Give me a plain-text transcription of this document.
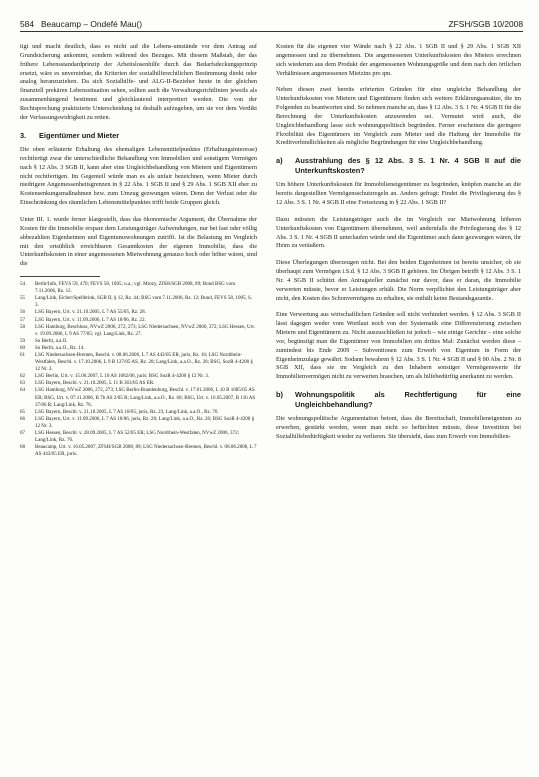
584 Beaucamp – Ondefé Mau()	ZFSH/SGB 10/2008

tigt und macht deutlich, dass es nicht auf die Lebens-umstände vor dem Antrag auf Grundsicherung ankommt, sondern während des Bezuges. Mit diesem Maßstab, der das frühere Lebensstandardprinzip der Arbeitslosenhilfe durch das Bedarfsdeckungsprinzip ersetzt, wäre es unvereinbar, die Kriterien der sozialhilferechtlichen Bestimmung direkt oder analog heranzuziehen. Da sich Sozialhilfe- und ALG-II-Bezieher heute in der gleichen finanziell prekären Lebenssituation sehen, sollten auch die Verwaltungsrichtlinien jeweils als zusammenhängend bestimmt und gleichlautend interpretiert werden. Die von der Rechtsprechung praktizierte Unterscheidung ist deshalb aufzugeben, um sie vor dem Verdikt der Verfassungswidrigkeit zu retten.

3. Eigentümer und Mieter

Die oben erläuterte Erhaltung des ehemaligen Lebensmittelpunktes (Erhaltungsinteresse) rechtfertigt zwar die unterschiedliche Behandlung von Immobilien und sonstigem Vermögen nach § 12 Abs. 3 SGB II, kann aber eine Ungleichbehandlung von Mietern und Eigentümern nicht rechtfertigen. Im Gegenteil würde man es als unfair bezeichnen, wenn Mieter durch niedrigere Angemessenheitsgrenzen in § 22 Abs. 1 SGB II und § 29 Abs. 1 SGB XII eher zu Kostensenkungsmaßnahmen bzw. zum Umzug gezwungen wären. Denn der Verlust oder die Einschränkung des räumlichen Lebensmittelpunktes trifft beide Gruppen gleich.

Unter III. 1. wurde ferner klargestellt, dass das ökonomische Argument, die Übernahme der Kosten für die Immobilie erspare dem Leistungsträger Aufwendungen, nur bei fast oder völlig abbezahlten Eigenheimen und Eigentumswohnungen zutrifft. Ist die Belastung im Vergleich mit den ortsüblich erreichbaren Gesamtkosten der eigenen Immobilie, dass die Unterkunftskosten in einer angemessenen Mietwohnung genauso hoch oder höher wären, sind die

54	Berlit/Info, FEVS 59, 470; FEVS 58, 1005; u.a.; vgl. Mrozy, ZfSH/SGB 2008, 89; Bund BSG vom 7.11.2006, Rz. 12.
55	Lang/Link, Eicher/Spellbrink, SGB II, § 12, Rz. 44; BSG vom 7.11.2006, Rz. 12; Bund, FEVS 58, 1005, S. 3.
56	LSG Bayern, Urt. v. 21.10.2005, L 7 AS 55/05, Rz. 28.
57	LSG Bayern, Urt. v. 11.09.2006, L 7 AS 18/06, Rz. 22.
58	LSG Hamburg, Beschluss, NVwZ 2006, 272, 273; LSG Niedersachsen, NVwZ 2006, 372; LSG Hessen, Urt. v. 19.09.2006, L 9 AS 77/05; vgl. Lang/Link, Rz. 27.
59	So Berlit, a.a.O.
60	So Berlit, a.a.O., Rz. 14.
61	LSG Niedersachsen-Bremen, Beschl. v. 08.06.2006, L 7 AS 443/05 ER, juris, Rz. 16; LSG Nordrhein-Westfalen, Beschl. v. 17.10.2006, L 9 B 127/05 AS, Rz. 28; Lang/Link, a.a.O., Rz. 28; BSG, SozR 4-4200 § 12 Nr. 3.
62	LSG Berlin, Urt. v. 15.06.2007, L 10 AS 1082/06, juris; BSG SozR 4-4200 § 12 Nr. 3.
63	LSG Bayern, Beschl. v. 21.10.2005, L 11 B 363/05 AS ER.
64	LSG Hamburg, NVwZ 2006, 272, 273; LSG Berlin-Brandenburg, Beschl. v. 17.01.2006, L 10 B 1085/05 AS ER; BSG, Urt. v. 07.11.2006, B 7b AS 2/05 R; Lang/Link, a.a.O., Rz. 60; BSG, Urt. v. 16.05.2007, B 11b AS 37/06 R; Lang/Link, Rz. 76.
65	LSG Bayern, Beschl. v. 21.10.2005, L 7 AS 18/05, juris, Rz. 23; Lang/Link, a.a.O., Rz. 76.
66	LSG Bayern, Urt. v. 11.09.2006, L 7 AS 18/06, juris, Rz. 28; Lang/Link, a.a.O., Rz. 26; BSG SozR 4-4200 § 12 Nr. 3.
67	LSG Hessen, Beschl. v. 28.09.2005, L 7 AS 52/05 ER; LSG Nordrhein-Westfalen, NVwZ 2006, 372; Lang/Link, Rz. 76.
68	Beaucamp, Urt. v. 16.05.2007, ZFSH/SGB 2008, 89; LSG Niedersachsen-Bremen, Beschl. v. 08.06.2006, L 7 AS 443/05 ER, juris.

Kosten für die eigenen vier Wände nach § 22 Abs. 1 SGB II und § 29 Abs. 1 SGB XII angemessen und zu übernehmen. Die angemessenen Unterkunftskosten des Mieters errechnen sich wiederum aus dem Produkt der angemessenen Wohnungsgröße und dem nach den örtlichen Verhältnissen angemessenen Mietzins pro qm.

Neben diesen zwei bereits erörterten Gründen für eine ungleiche Behandlung der Unterkunftskosten von Mietern und Eigentümern finden sich weitere Erklärungsansätze, die im Folgenden zu beantworten sind. So nehmen manche an, dass § 12 Abs. 3 S. 1 Nr. 4 SGB II für die Berechnung der Unterkunftskosten anzuwenden sei. Vermutet wird auch, die Ungleichbehandlung lasse sich wohnungspolitisch begründen. Ferner erscheinen die geringere Flexibilität des Eigentümers im Vergleich zum Mieter und die Haftung der Immobilie für Kreditverbindlichkeiten als mögliche Begründungen für eine Ungleichbehandlung.

a)	Ausstrahlung des § 12 Abs. 3 S. 1 Nr. 4 SGB II auf die Unterkunftskosten?

Um höhere Unterkunftskosten für Immobilieneigentümer zu begründen, knüpfen manche an die bereits dargestellten Vermögensschutzregeln an. Anders gefragt: Findet die Privilegierung des § 12 Abs. 3 S. 1 Nr. 4 SGB II eine Fortsetzung in § 22 Abs. 1 SGB II?

Dazu müssten die Leistungsträger auch die im Vergleich zur Mietwohnung höheren Unterkunftskosten von Eigentümern übernehmen, weil andernfalls die Privilegierung des § 12 Abs. 3 S. 1 Nr. 4 SGB II unterlaufen würde und die Eigentümer auch dann gezwungen wären, ihr Heim zu veräußern.

Diese Überlegungen überzeugen nicht. Bei den beiden Eigenheimen ist bereits unsicher, ob sie überhaupt zum Vermögen i.S.d. § 12 Abs. 3 SGB II gehören. Im Übrigen betrifft § 12 Abs. 3 S. 1 Nr. 4 SGB II schützt den Antragsteller zunächst nur davor, dass er daran, die Immobilie verwerten müsste, bevor er Leistungen erhält. Die Norm verpflichtet den Leistungsträger aber nicht, den Kosten des Schonvermögens zu erhalten, sie enthält keine Bestandsgarantie.

Eine Verwertung aus wirtschaftlichen Gründen soll nicht verhindert werden. § 12 Abs. 3 SGB II lässt dagegen weder vom Wortlaut noch von der Systematik eine Differenzierung zwischen Mietern und Eigentümern zu. Nicht auszuschließen ist jedoch – wie einige Gerichte – eine solche vor, begünstigt man die Eigentümer von Immobilien ein drittes Mal: Zunächst werden diese – zumindest bis Ende 2009 – Subventionen zum Erwerb von Eigentum in Form der Eigenheimzulage gewährt. Sodann bewahren § 12 Abs. 3 S. 1 Nr. 4 SGB II und § 90 Abs. 2 Nr. 8 SGB XII, dass sie im Vergleich zu den Inhabern sonstiger Vermögenswerte ihr Immobilienvermögen nicht zu verwerten brauchen, um als hilfebedürftig anerkannt zu werden.

b)	Wohnungspolitik als Rechtfertigung für eine Ungleichbehandlung?

Die wohnungspolitische Argumentation betont, dass die Bereitschaft, Immobilieneigentum zu erwerben, gestärkt werden, wenn man nicht so befürchten müsste, diese Investition bei Sozialhilfebedürftigkeit wieder zu verlieren. Sie übersieht, dass zum Erwerb von Immobilien-
